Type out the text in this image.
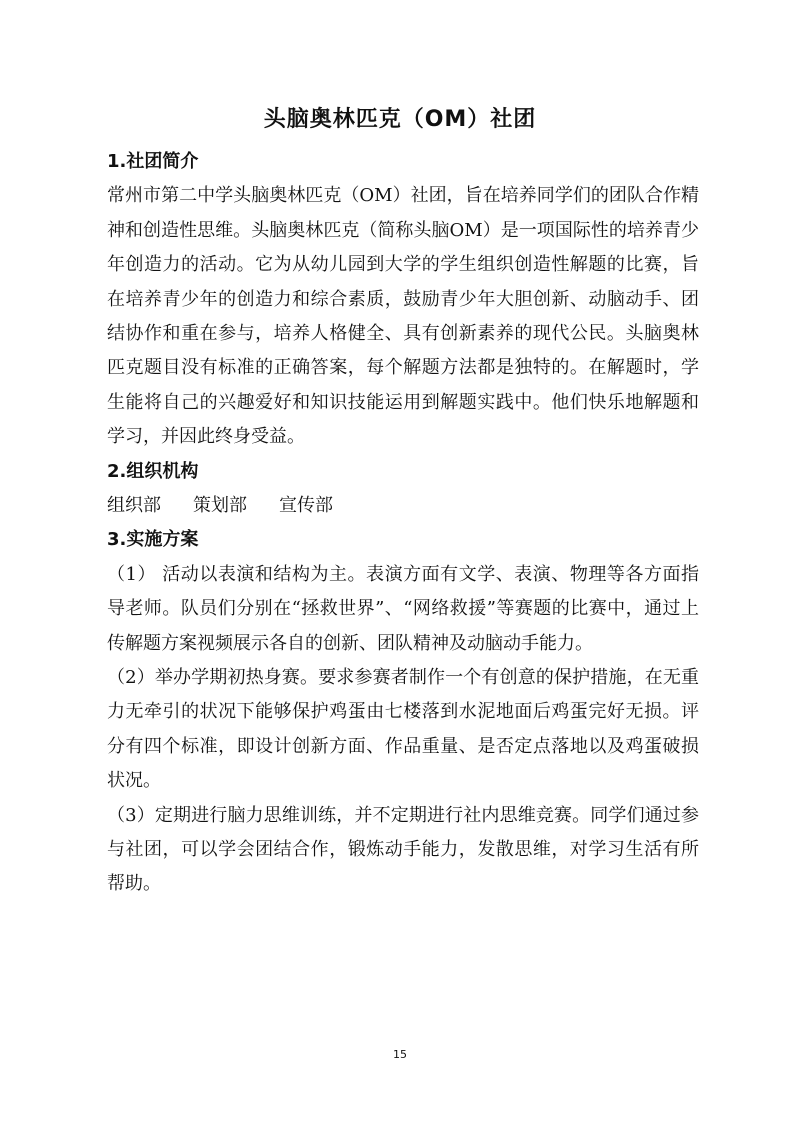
头脑奥林匹克（OM）社团
1.社团简介

常州市第二中学头脑奥林匹克（OM）社团，旨在培养同学们的团队合作精神和创造性思维。头脑奥林匹克（简称头脑OM）是一项国际性的培养青少年创造力的活动。它为从幼儿园到大学的学生组织创造性解题的比赛，旨在培养青少年的创造力和综合素质，鼓励青少年大胆创新、动脑动手、团结协作和重在参与，培养人格健全、具有创新素养的现代公民。头脑奥林匹克题目没有标准的正确答案，每个解题方法都是独特的。在解题时，学生能将自己的兴趣爱好和知识技能运用到解题实践中。他们快乐地解题和学习，并因此终身受益。

2.组织机构

组织部 策划部 宣传部

3.实施方案

（1） 活动以表演和结构为主。表演方面有文学、表演、物理等各方面指导老师。队员们分别在“拯救世界”、“网络救援”等赛题的比赛中，通过上传解题方案视频展示各自的创新、团队精神及动脑动手能力。

（2）举办学期初热身赛。要求参赛者制作一个有创意的保护措施，在无重力无牵引的状况下能够保护鸡蛋由七楼落到水泥地面后鸡蛋完好无损。评分有四个标准，即设计创新方面、作品重量、是否定点落地以及鸡蛋破损状况。

（3）定期进行脑力思维训练，并不定期进行社内思维竞赛。同学们通过参与社团，可以学会团结合作，锻炼动手能力，发散思维，对学习生活有所帮助。

15
